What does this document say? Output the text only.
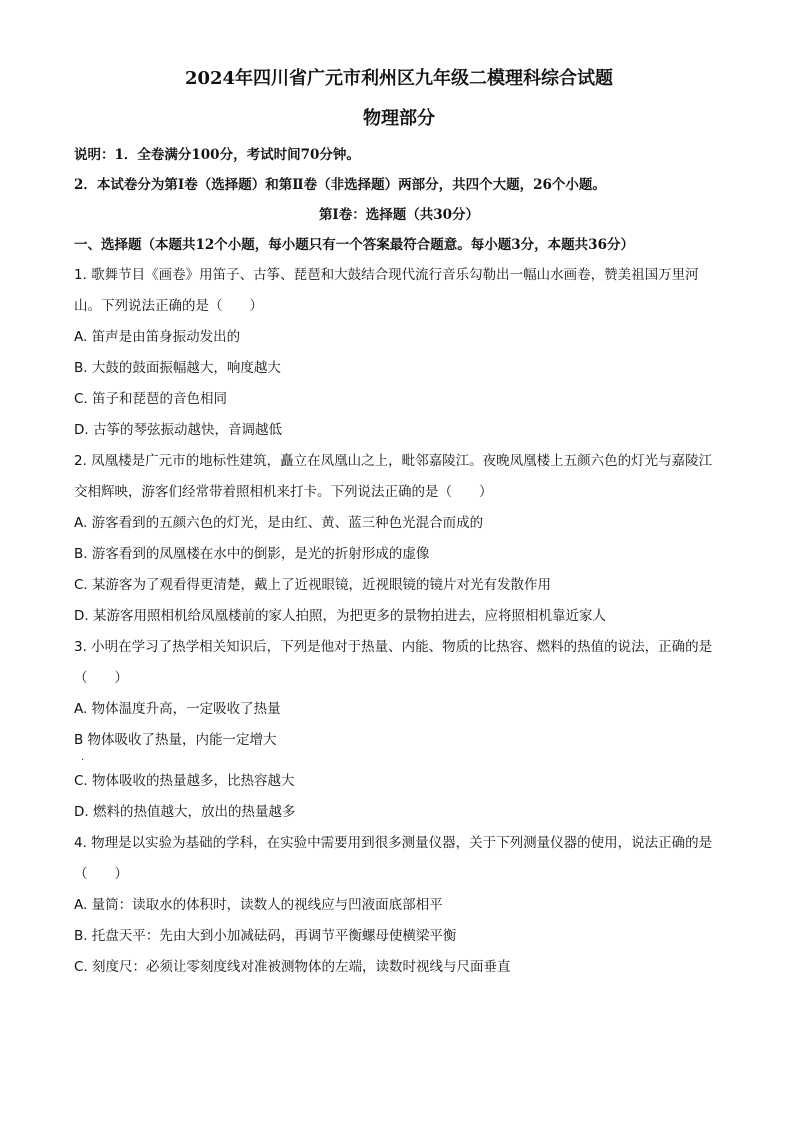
2024年四川省广元市利州区九年级二模理科综合试题

物理部分

说明：1．全卷满分100分，考试时间70分钟。

2．本试卷分为第Ⅰ卷（选择题）和第Ⅱ卷（非选择题）两部分，共四个大题，26个小题。

第Ⅰ卷：选择题（共30分）

一、选择题（本题共12个小题，每小题只有一个答案最符合题意。每小题3分，本题共36分）

1. 歌舞节目《画卷》用笛子、古筝、琵琶和大鼓结合现代流行音乐勾勒出一幅山水画卷，赞美祖国万里河山。下列说法正确的是（　　）

A. 笛声是由笛身振动发出的

B. 大鼓的鼓面振幅越大，响度越大

C. 笛子和琵琶的音色相同

D. 古筝的琴弦振动越快，音调越低

2. 凤凰楼是广元市的地标性建筑，矗立在凤凰山之上，毗邻嘉陵江。夜晚凤凰楼上五颜六色的灯光与嘉陵江交相辉映，游客们经常带着照相机来打卡。下列说法正确的是（　　）

A. 游客看到的五颜六色的灯光，是由红、黄、蓝三种色光混合而成的

B. 游客看到的凤凰楼在水中的倒影，是光的折射形成的虚像

C. 某游客为了观看得更清楚，戴上了近视眼镜，近视眼镜的镜片对光有发散作用

D. 某游客用照相机给凤凰楼前的家人拍照，为把更多的景物拍进去，应将照相机靠近家人

3. 小明在学习了热学相关知识后，下列是他对于热量、内能、物质的比热容、燃料的热值的说法，正确的是（　　）

A. 物体温度升高，一定吸收了热量

B 物体吸收了热量，内能一定增大

.

C. 物体吸收的热量越多，比热容越大

D. 燃料的热值越大，放出的热量越多

4. 物理是以实验为基础的学科，在实验中需要用到很多测量仪器，关于下列测量仪器的使用，说法正确的是（　　）

A. 量筒：读取水的体积时，读数人的视线应与凹液面底部相平

B. 托盘天平：先由大到小加减砝码，再调节平衡螺母使横梁平衡

C. 刻度尺：必须让零刻度线对准被测物体的左端，读数时视线与尺面垂直
